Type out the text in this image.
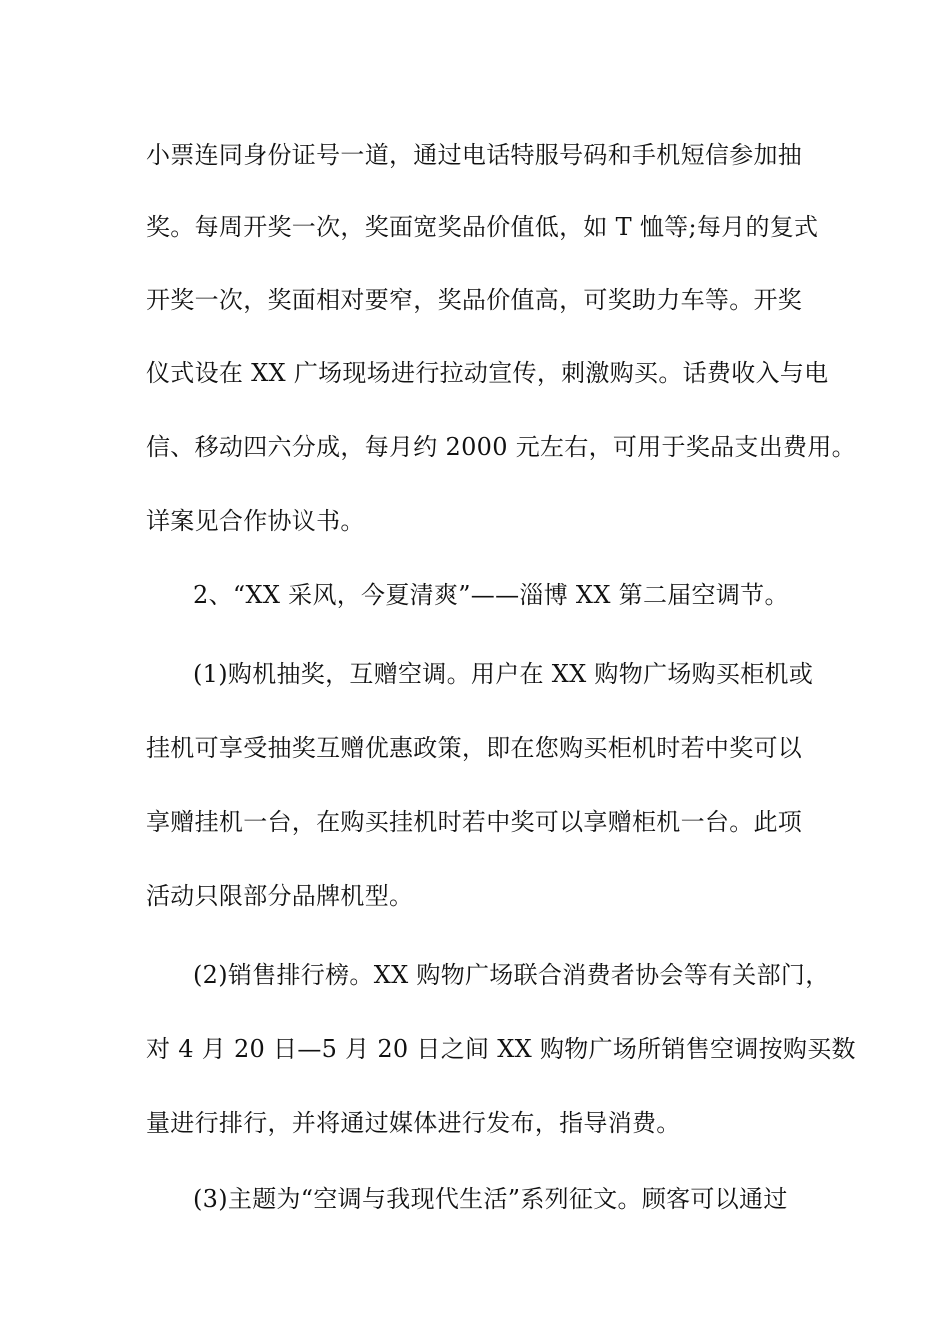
小票连同身份证号一道，通过电话特服号码和手机短信参加抽
奖。每周开奖一次，奖面宽奖品价值低，如 T 恤等;每月的复式
开奖一次，奖面相对要窄，奖品价值高，可奖助力车等。开奖
仪式设在 XX 广场现场进行拉动宣传，刺激购买。话费收入与电
信、移动四六分成，每月约 2000 元左右，可用于奖品支出费用。
详案见合作协议书。
2、“XX 采风，今夏清爽”——淄博 XX 第二届空调节。
(1)购机抽奖，互赠空调。用户在 XX 购物广场购买柜机或
挂机可享受抽奖互赠优惠政策，即在您购买柜机时若中奖可以
享赠挂机一台，在购买挂机时若中奖可以享赠柜机一台。此项
活动只限部分品牌机型。
(2)销售排行榜。XX 购物广场联合消费者协会等有关部门，
对 4 月 20 日—5 月 20 日之间 XX 购物广场所销售空调按购买数
量进行排行，并将通过媒体进行发布，指导消费。
(3)主题为“空调与我现代生活”系列征文。顾客可以通过
